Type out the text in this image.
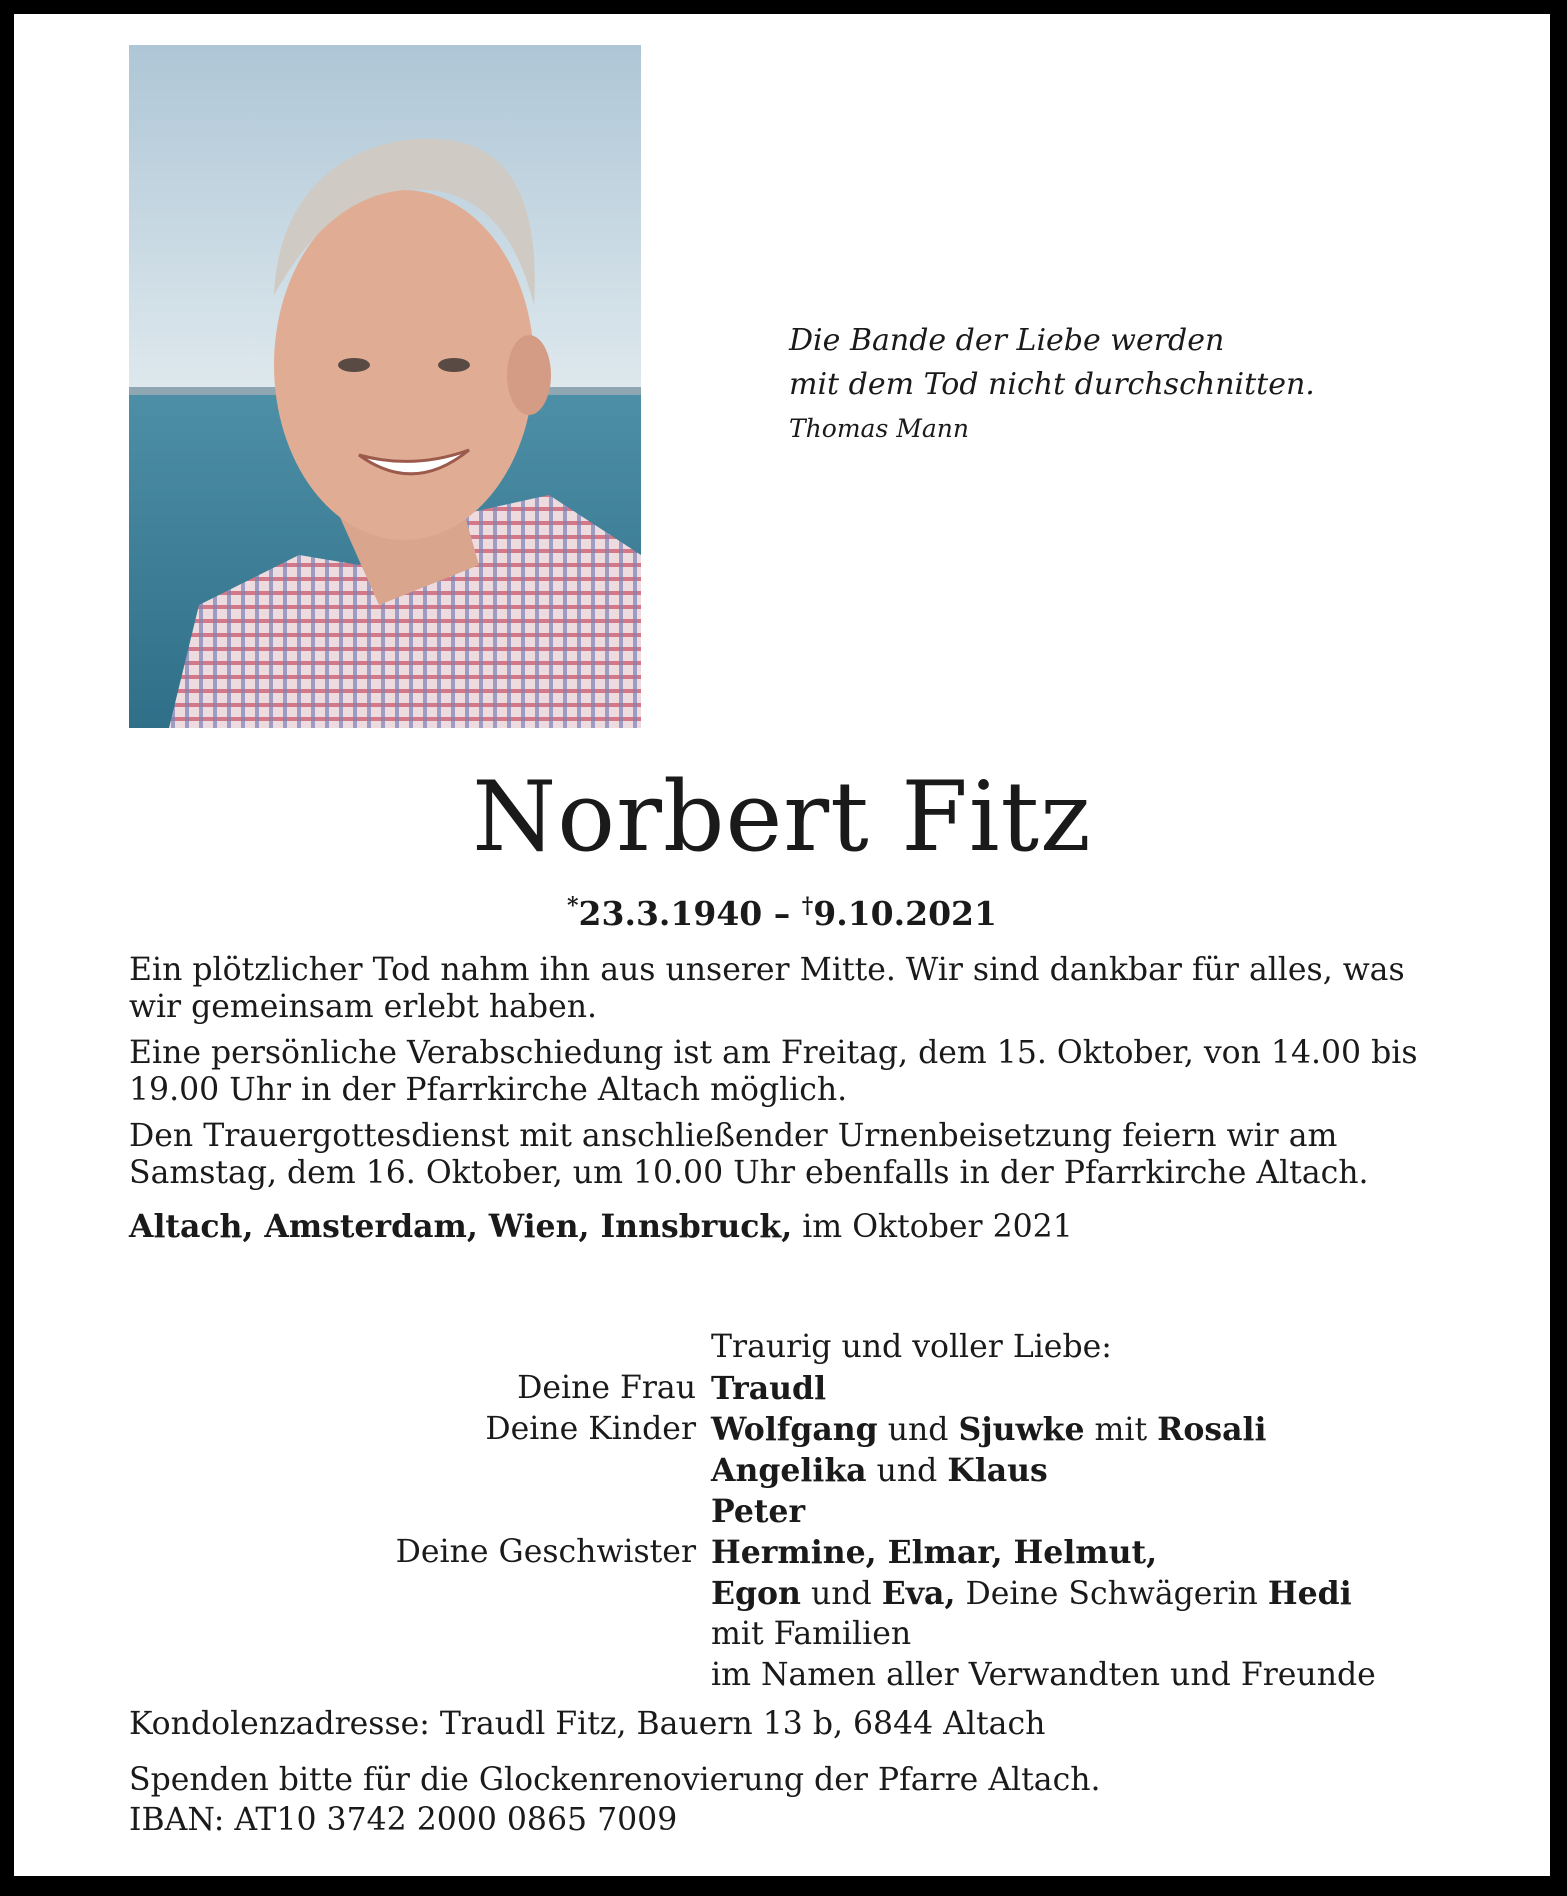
Die Bande der Liebe werden
mit dem Tod nicht durchschnitten.
Thomas Mann
Norbert Fitz
*23.3.1940 – †9.10.2021

Ein plötzlicher Tod nahm ihn aus unserer Mitte. Wir sind dankbar für alles, was wir gemeinsam erlebt haben.

Eine persönliche Verabschiedung ist am Freitag, dem 15. Oktober, von 14.00 bis 19.00 Uhr in der Pfarrkirche Altach möglich.

Den Trauergottesdienst mit anschließender Urnenbeisetzung feiern wir am Samstag, dem 16. Oktober, um 10.00 Uhr ebenfalls in der Pfarrkirche Altach.

Altach, Amsterdam, Wien, Innsbruck, im Oktober 2021

Traurig und voller Liebe:
Deine Frau Traudl
Deine Kinder Wolfgang und Sjuwke mit Rosali
Angelika und Klaus
Peter
Deine Geschwister Hermine, Elmar, Helmut,
Egon und Eva, Deine Schwägerin Hedi
mit Familien
im Namen aller Verwandten und Freunde

Kondolenzadresse: Traudl Fitz, Bauern 13 b, 6844 Altach

Spenden bitte für die Glockenrenovierung der Pfarre Altach.

IBAN: AT10 3742 2000 0865 7009
